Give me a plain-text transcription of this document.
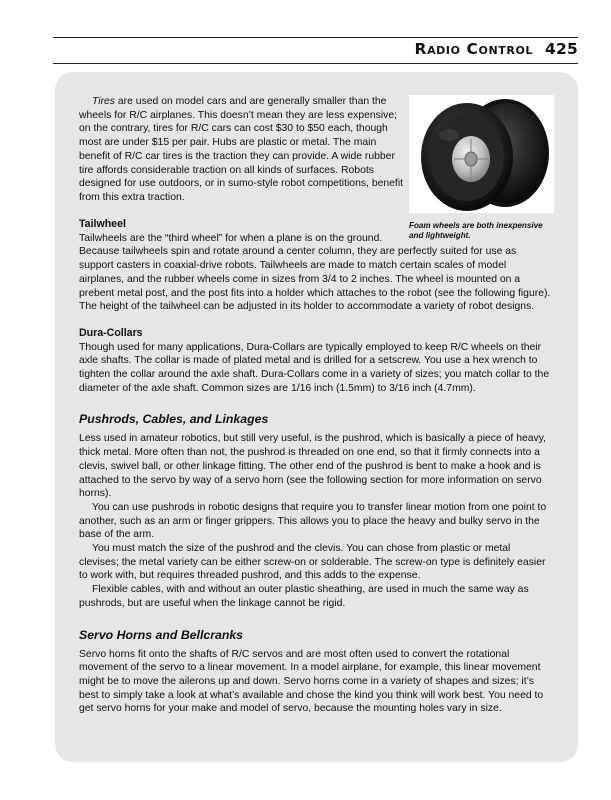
Radio Control 425
Foam wheels are both inexpensive and lightweight.

Tires are used on model cars and are generally smaller than the wheels for R/C airplanes. This doesn’t mean they are less expensive; on the contrary, tires for R/C cars can cost $30 to $50 each, though most are under $15 per pair. Hubs are plastic or metal. The main benefit of R/C car tires is the traction they can provide. A wide rubber tire affords considerable traction on all kinds of surfaces. Robots designed for use outdoors, or in sumo-style robot competitions, benefit from this extra traction.

Tailwheel

Tailwheels are the “third wheel” for when a plane is on the ground. Because tailwheels spin and rotate around a center column, they are perfectly suited for use as support casters in coaxial-drive robots. Tailwheels are made to match certain scales of model airplanes, and the rubber wheels come in sizes from 3/4 to 2 inches. The wheel is mounted on a prebent metal post, and the post fits into a holder which attaches to the robot (see the following figure). The height of the tailwheel can be adjusted in its holder to accommodate a variety of robot designs.

Dura-Collars

Though used for many applications, Dura-Collars are typically employed to keep R/C wheels on their axle shafts. The collar is made of plated metal and is drilled for a setscrew. You use a hex wrench to tighten the collar around the axle shaft. Dura-Collars come in a variety of sizes; you match collar to the diameter of the axle shaft. Common sizes are 1/16 inch (1.5mm) to 3/16 inch (4.7mm).

Pushrods, Cables, and Linkages

Less used in amateur robotics, but still very useful, is the pushrod, which is basically a piece of heavy, thick metal. More often than not, the pushrod is threaded on one end, so that it firmly connects into a clevis, swivel ball, or other linkage fitting. The other end of the pushrod is bent to make a hook and is attached to the servo by way of a servo horn (see the following section for more information on servo horns).

You can use pushrods in robotic designs that require you to transfer linear motion from one point to another, such as an arm or finger grippers. This allows you to place the heavy and bulky servo in the base of the arm.

You must match the size of the pushrod and the clevis. You can chose from plastic or metal clevises; the metal variety can be either screw-on or solderable. The screw-on type is definitely easier to work with, but requires threaded pushrod, and this adds to the expense.

Flexible cables, with and without an outer plastic sheathing, are used in much the same way as pushrods, but are useful when the linkage cannot be rigid.

Servo Horns and Bellcranks

Servo horns fit onto the shafts of R/C servos and are most often used to convert the rotational movement of the servo to a linear movement. In a model airplane, for example, this linear movement might be to move the ailerons up and down. Servo horns come in a variety of shapes and sizes; it’s best to simply take a look at what’s available and chose the kind you think will work best. You need to get servo horns for your make and model of servo, because the mounting holes vary in size.
